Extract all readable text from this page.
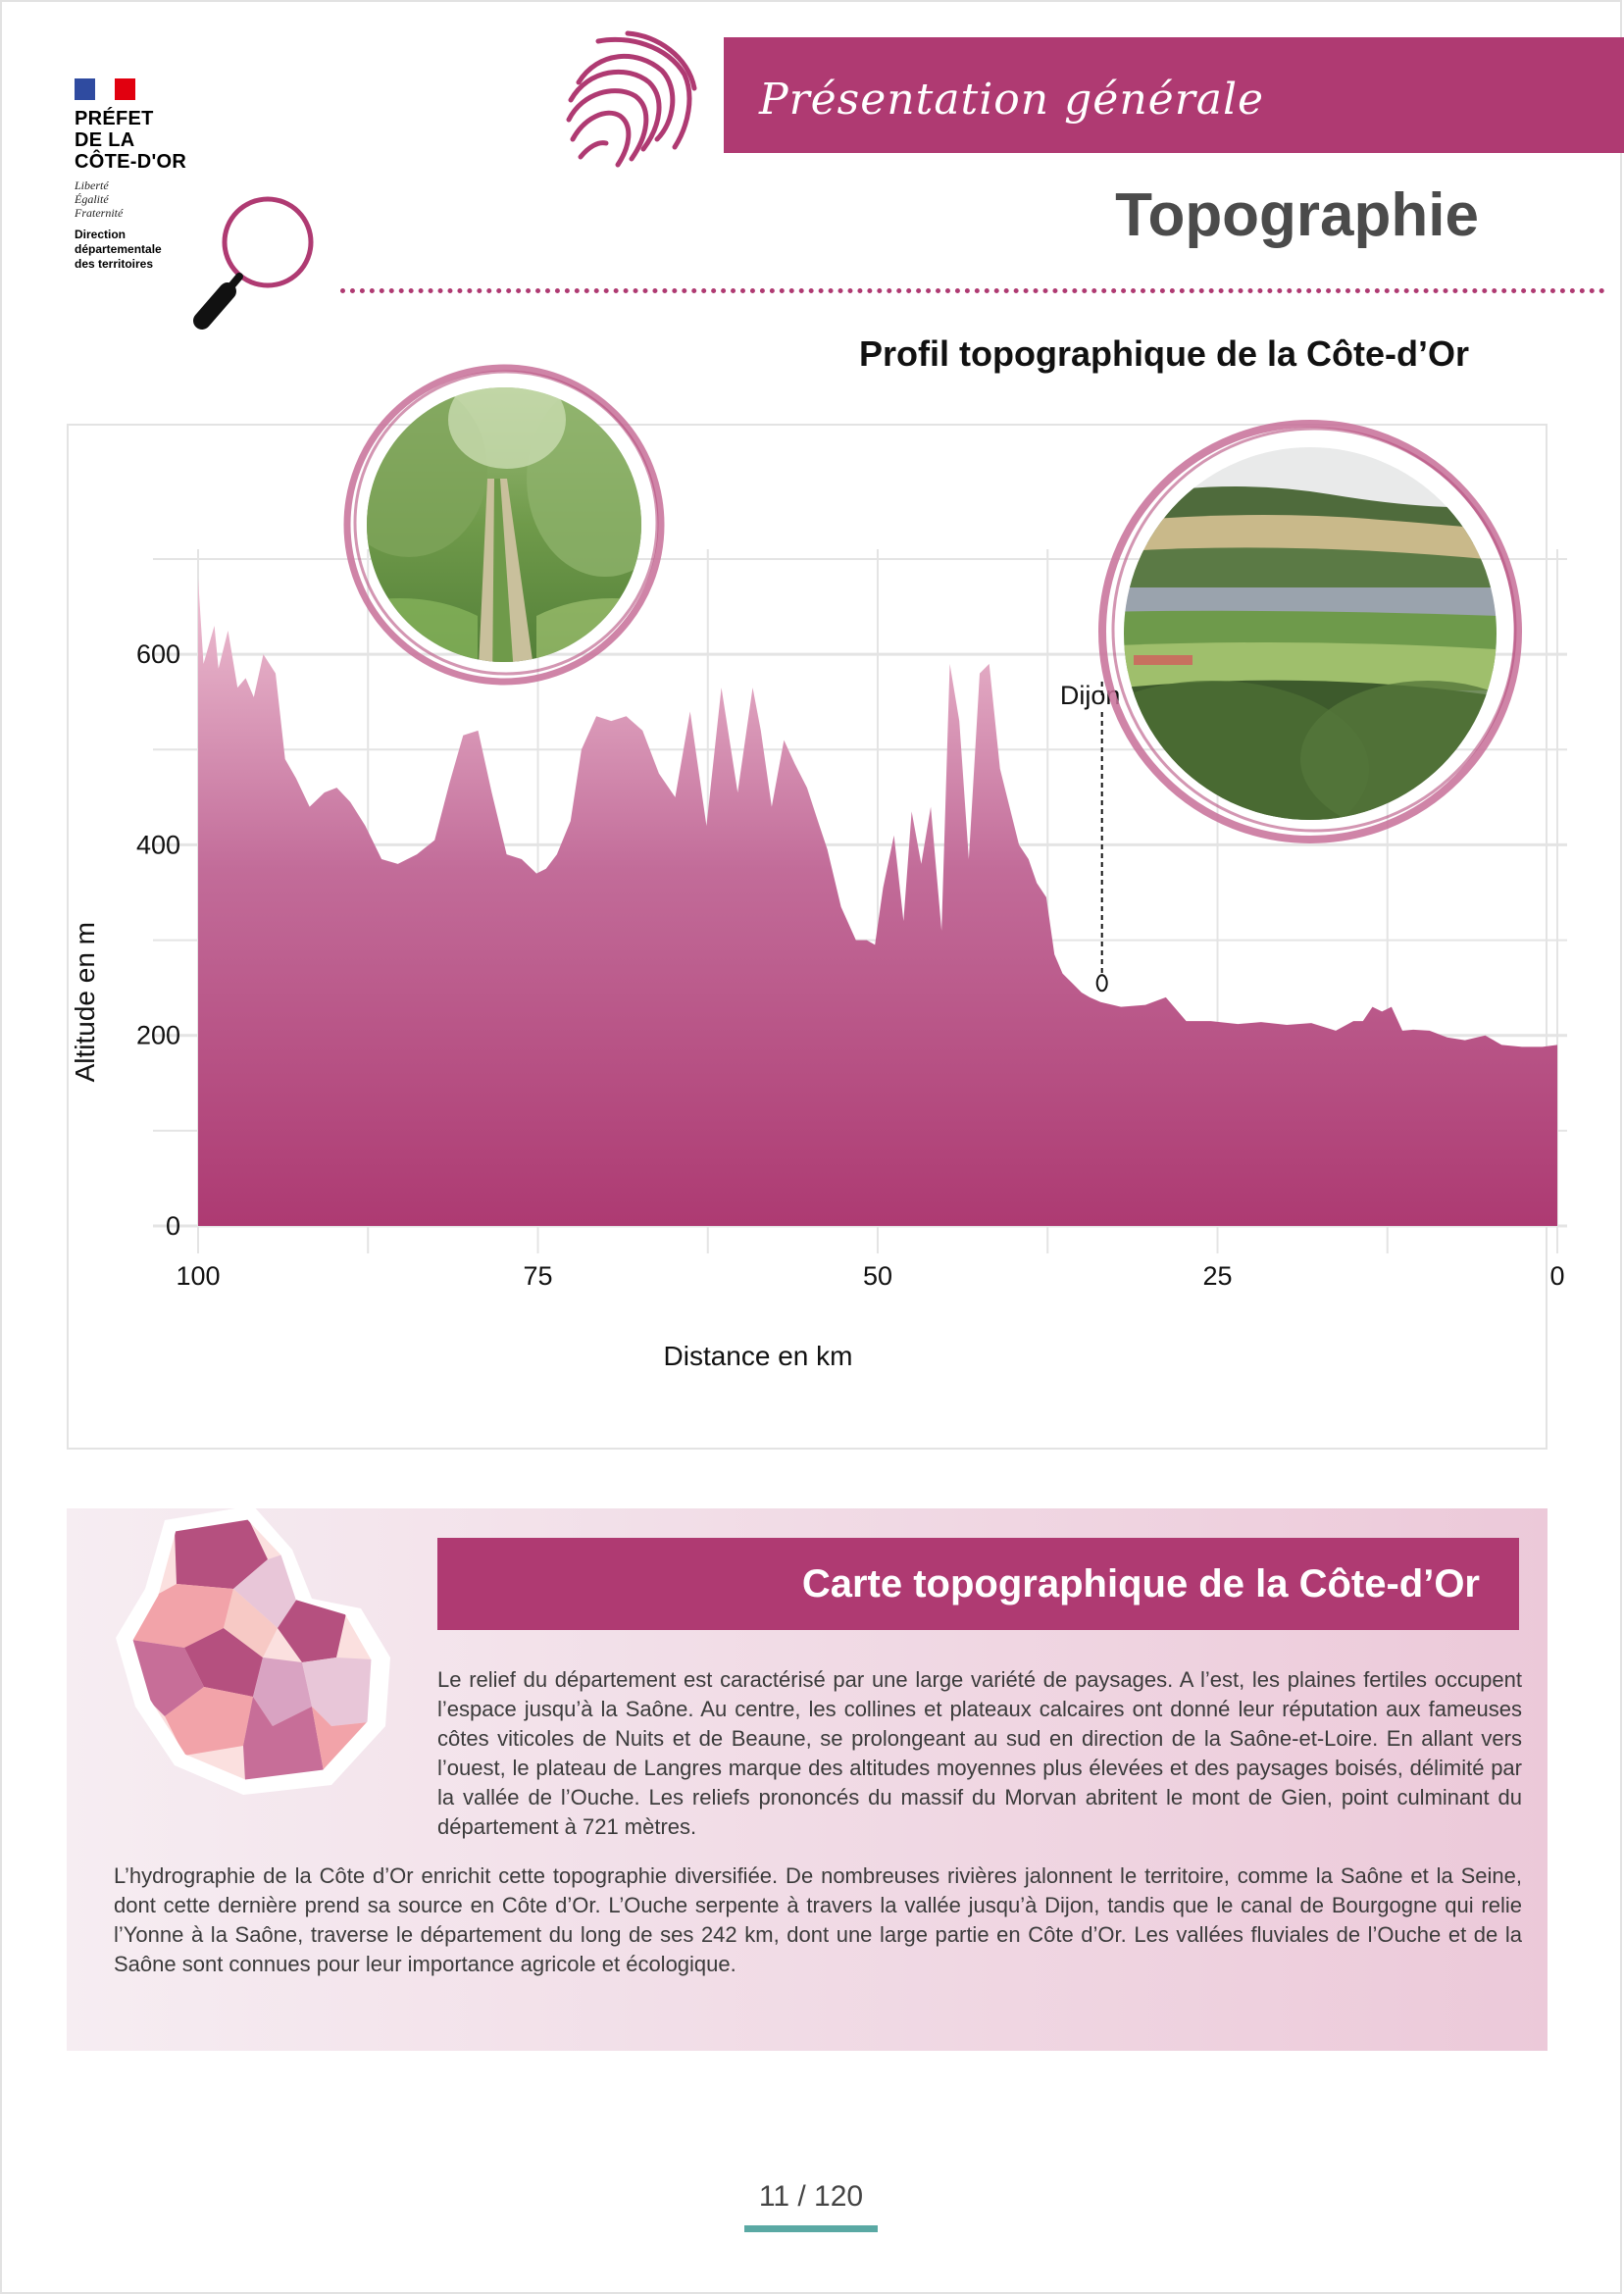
PRÉFET
DE LA
CÔTE-D'OR
Liberté
Égalité
Fraternité
Direction
départementale
des territoires
Présentation générale
Topographie
Profil topographique de la Côte-d’Or
100	75	50	25	0
0
200
400
600
Dijon
Distance en km
Altitude en m
Carte topographique de la Côte-d’Or
Le relief du département est caractérisé par une large variété de paysages. A l’est, les plaines fertiles occupent l’espace jusqu’à la Saône. Au centre, les collines et plateaux calcaires ont donné leur réputation aux fameuses côtes viticoles de Nuits et de Beaune, se prolongeant au sud en direction de la Saône-et-Loire. En allant vers l’ouest, le plateau de Langres marque des altitudes moyennes plus élevées et des paysages boisés, délimité par la vallée de l’Ouche. Les reliefs prononcés du massif du Morvan abritent le mont de Gien, point culminant du département à 721 mètres.
L’hydrographie de la Côte d’Or enrichit cette topographie diversifiée. De nombreuses rivières jalonnent le territoire, comme la Saône et la Seine, dont cette dernière prend sa source en Côte d’Or. L’Ouche serpente à travers la vallée jusqu’à Dijon, tandis que le canal de Bourgogne qui relie l’Yonne à la Saône, traverse le département du long de ses 242 km, dont une large partie en Côte d’Or. Les vallées fluviales de l’Ouche et de la Saône sont connues pour leur importance agricole et écologique.
11 / 120
